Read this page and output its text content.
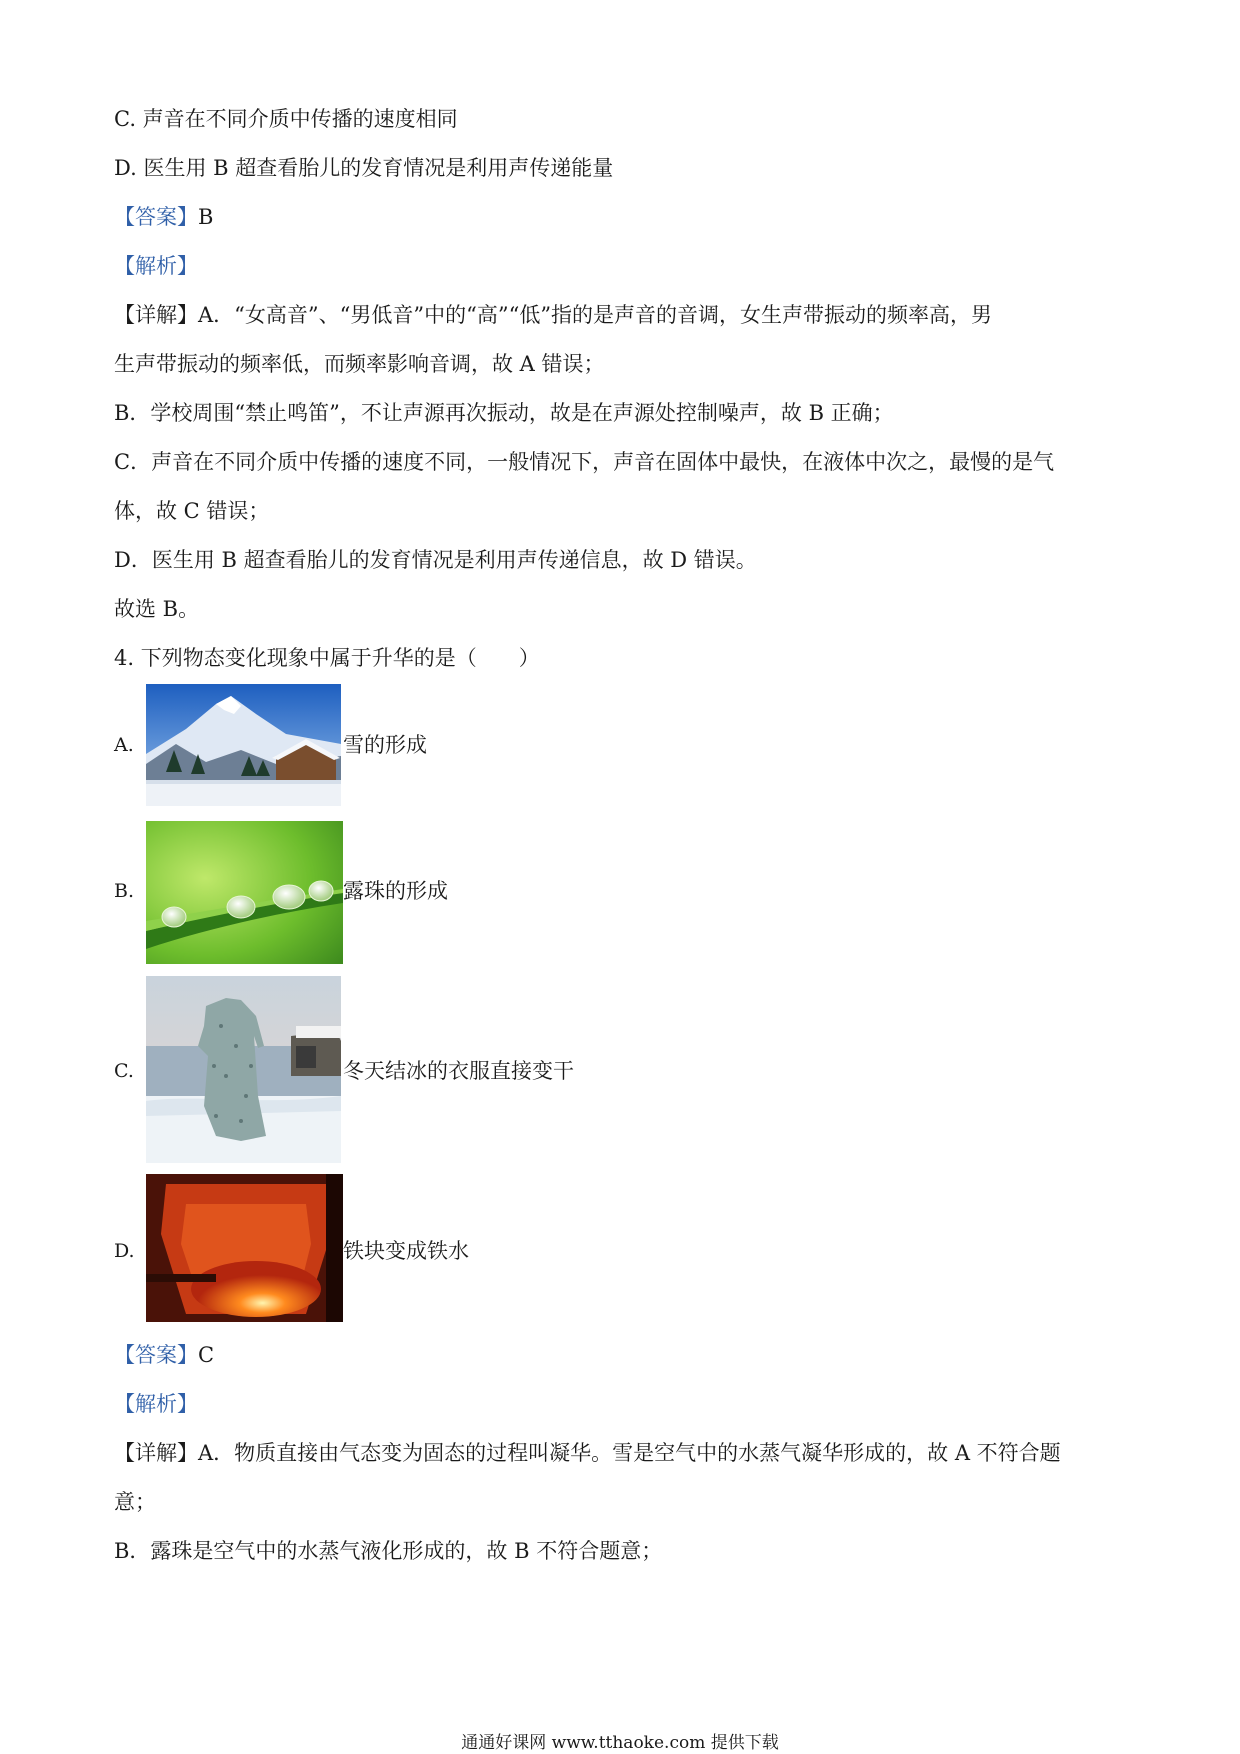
C. 声音在不同介质中传播的速度相同
D. 医生用 B 超查看胎儿的发育情况是利用声传递能量
【答案】B
【解析】
【详解】A．“女高音”、“男低音”中的“高”“低”指的是声音的音调，女生声带振动的频率高，男
生声带振动的频率低，而频率影响音调，故 A 错误；
B．学校周围“禁止鸣笛”，不让声源再次振动，故是在声源处控制噪声，故 B 正确；
C．声音在不同介质中传播的速度不同，一般情况下，声音在固体中最快，在液体中次之，最慢的是气
体，故 C 错误；
D．医生用 B 超查看胎儿的发育情况是利用声传递信息，故 D 错误。
故选 B。
4. 下列物态变化现象中属于升华的是（　　）
A.	雪的形成
B.	露珠的形成
C.	冬天结冰的衣服直接变干
D.	铁块变成铁水
【答案】C
【解析】
【详解】A．物质直接由气态变为固态的过程叫凝华。雪是空气中的水蒸气凝华形成的，故 A 不符合题
意；
B．露珠是空气中的水蒸气液化形成的，故 B 不符合题意；
通通好课网 www.tthaoke.com 提供下载
